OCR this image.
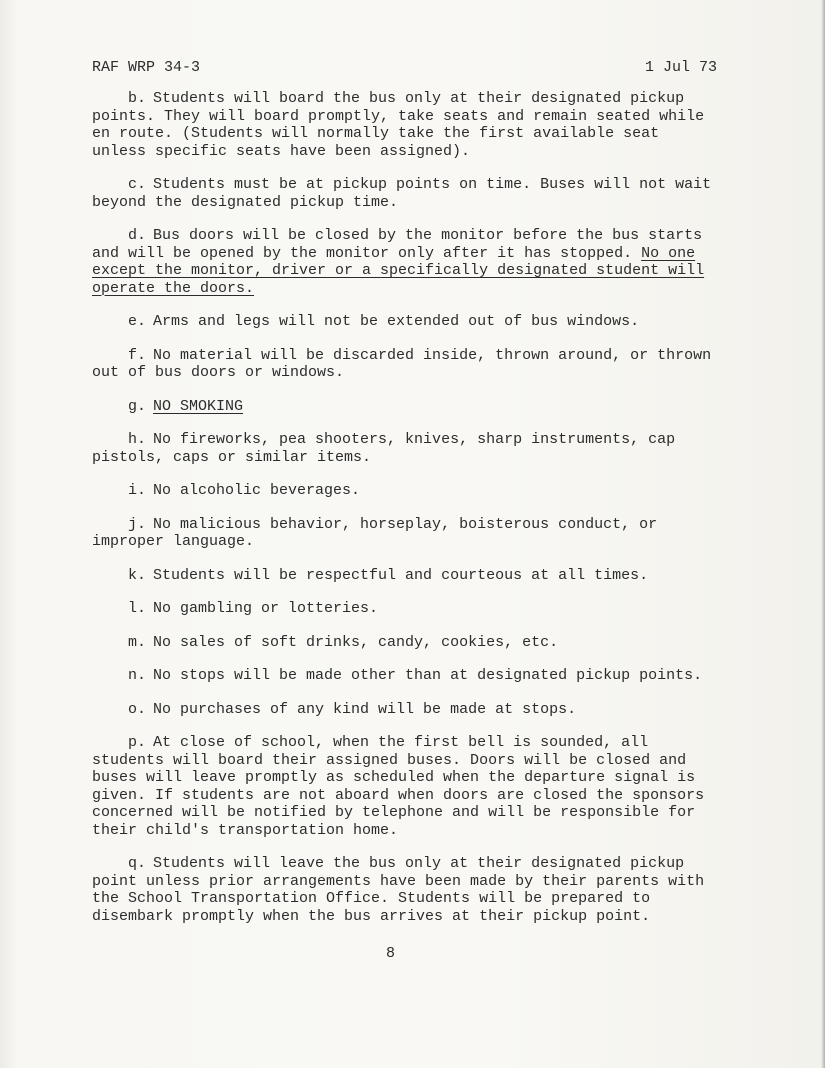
RAF WRP 34-3	1 Jul 73

b. Students will board the bus only at their designated pickup points. They will board promptly, take seats and remain seated while en route. (Students will normally take the first available seat unless specific seats have been assigned).

c. Students must be at pickup points on time. Buses will not wait beyond the designated pickup time.

d. Bus doors will be closed by the monitor before the bus starts and will be opened by the monitor only after it has stopped. No one except the monitor, driver or a specifically designated student will operate the doors.

e. Arms and legs will not be extended out of bus windows.

f. No material will be discarded inside, thrown around, or thrown out of bus doors or windows.

g. NO SMOKING

h. No fireworks, pea shooters, knives, sharp instruments, cap pistols, caps or similar items.

i. No alcoholic beverages.

j. No malicious behavior, horseplay, boisterous conduct, or improper language.

k. Students will be respectful and courteous at all times.

l. No gambling or lotteries.

m. No sales of soft drinks, candy, cookies, etc.

n. No stops will be made other than at designated pickup points.

o. No purchases of any kind will be made at stops.

p. At close of school, when the first bell is sounded, all students will board their assigned buses. Doors will be closed and buses will leave promptly as scheduled when the departure signal is given. If students are not aboard when doors are closed the sponsors concerned will be notified by telephone and will be responsible for their child's transportation home.

q. Students will leave the bus only at their designated pickup point unless prior arrangements have been made by their parents with the School Transportation Office. Students will be prepared to disembark promptly when the bus arrives at their pickup point.

8
